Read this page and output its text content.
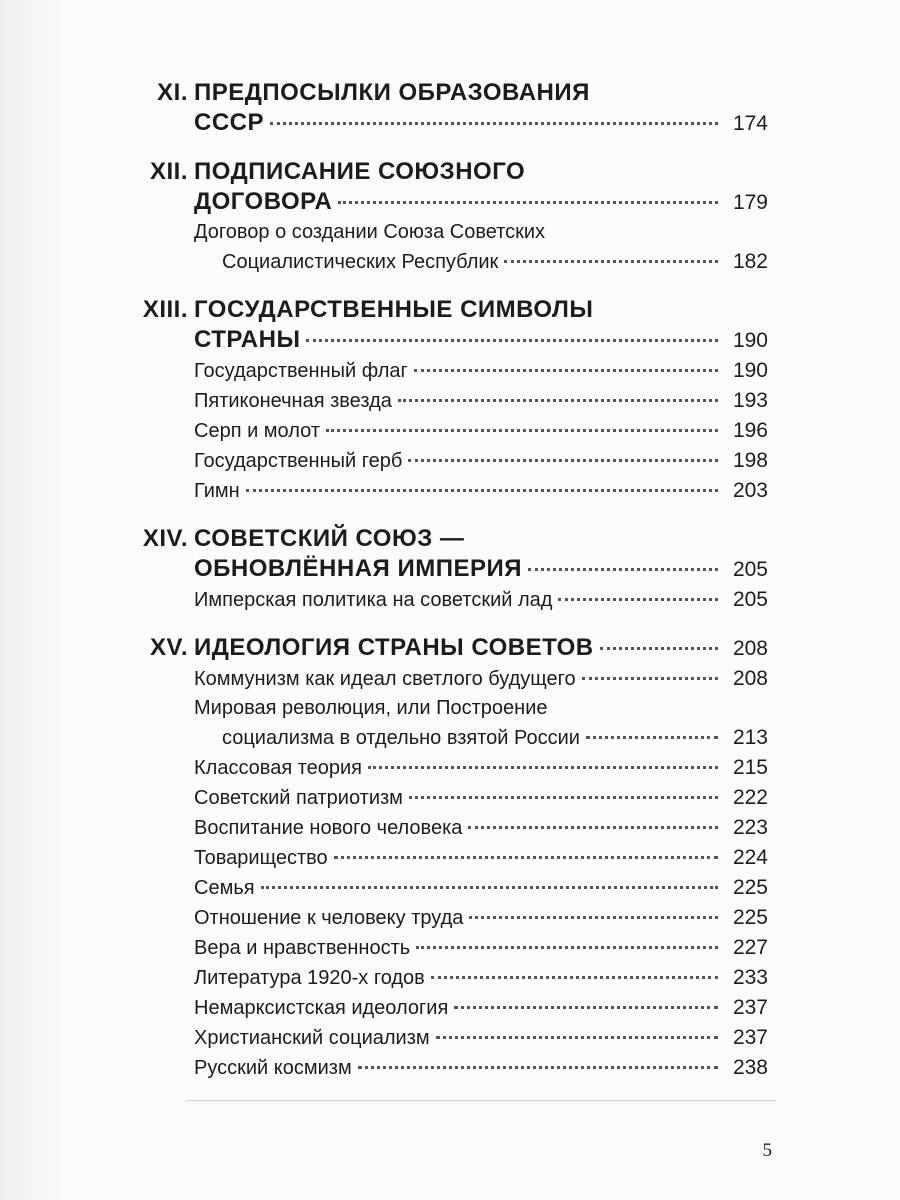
XI. ПРЕДПОСЫЛКИ ОБРАЗОВАНИЯ
СССР	174
XII. ПОДПИСАНИЕ СОЮЗНОГО
ДОГОВОРА	179
Договор о создании Союза Советских
Социалистических Республик	182
XIII. ГОСУДАРСТВЕННЫЕ СИМВОЛЫ
СТРАНЫ	190
Государственный флаг	190
Пятиконечная звезда	193
Серп и молот	196
Государственный герб	198
Гимн	203
XIV. СОВЕТСКИЙ СОЮЗ —
ОБНОВЛЁННАЯ ИМПЕРИЯ	205
Имперская политика на советский лад	205
XV. ИДЕОЛОГИЯ СТРАНЫ СОВЕТОВ	208
Коммунизм как идеал светлого будущего	208
Мировая революция, или Построение
социализма в отдельно взятой России	213
Классовая теория	215
Советский патриотизм	222
Воспитание нового человека	223
Товарищество	224
Семья	225
Отношение к человеку труда	225
Вера и нравственность	227
Литература 1920-х годов	233
Немарксистская идеология	237
Христианский социализм	237
Русский космизм	238
5
